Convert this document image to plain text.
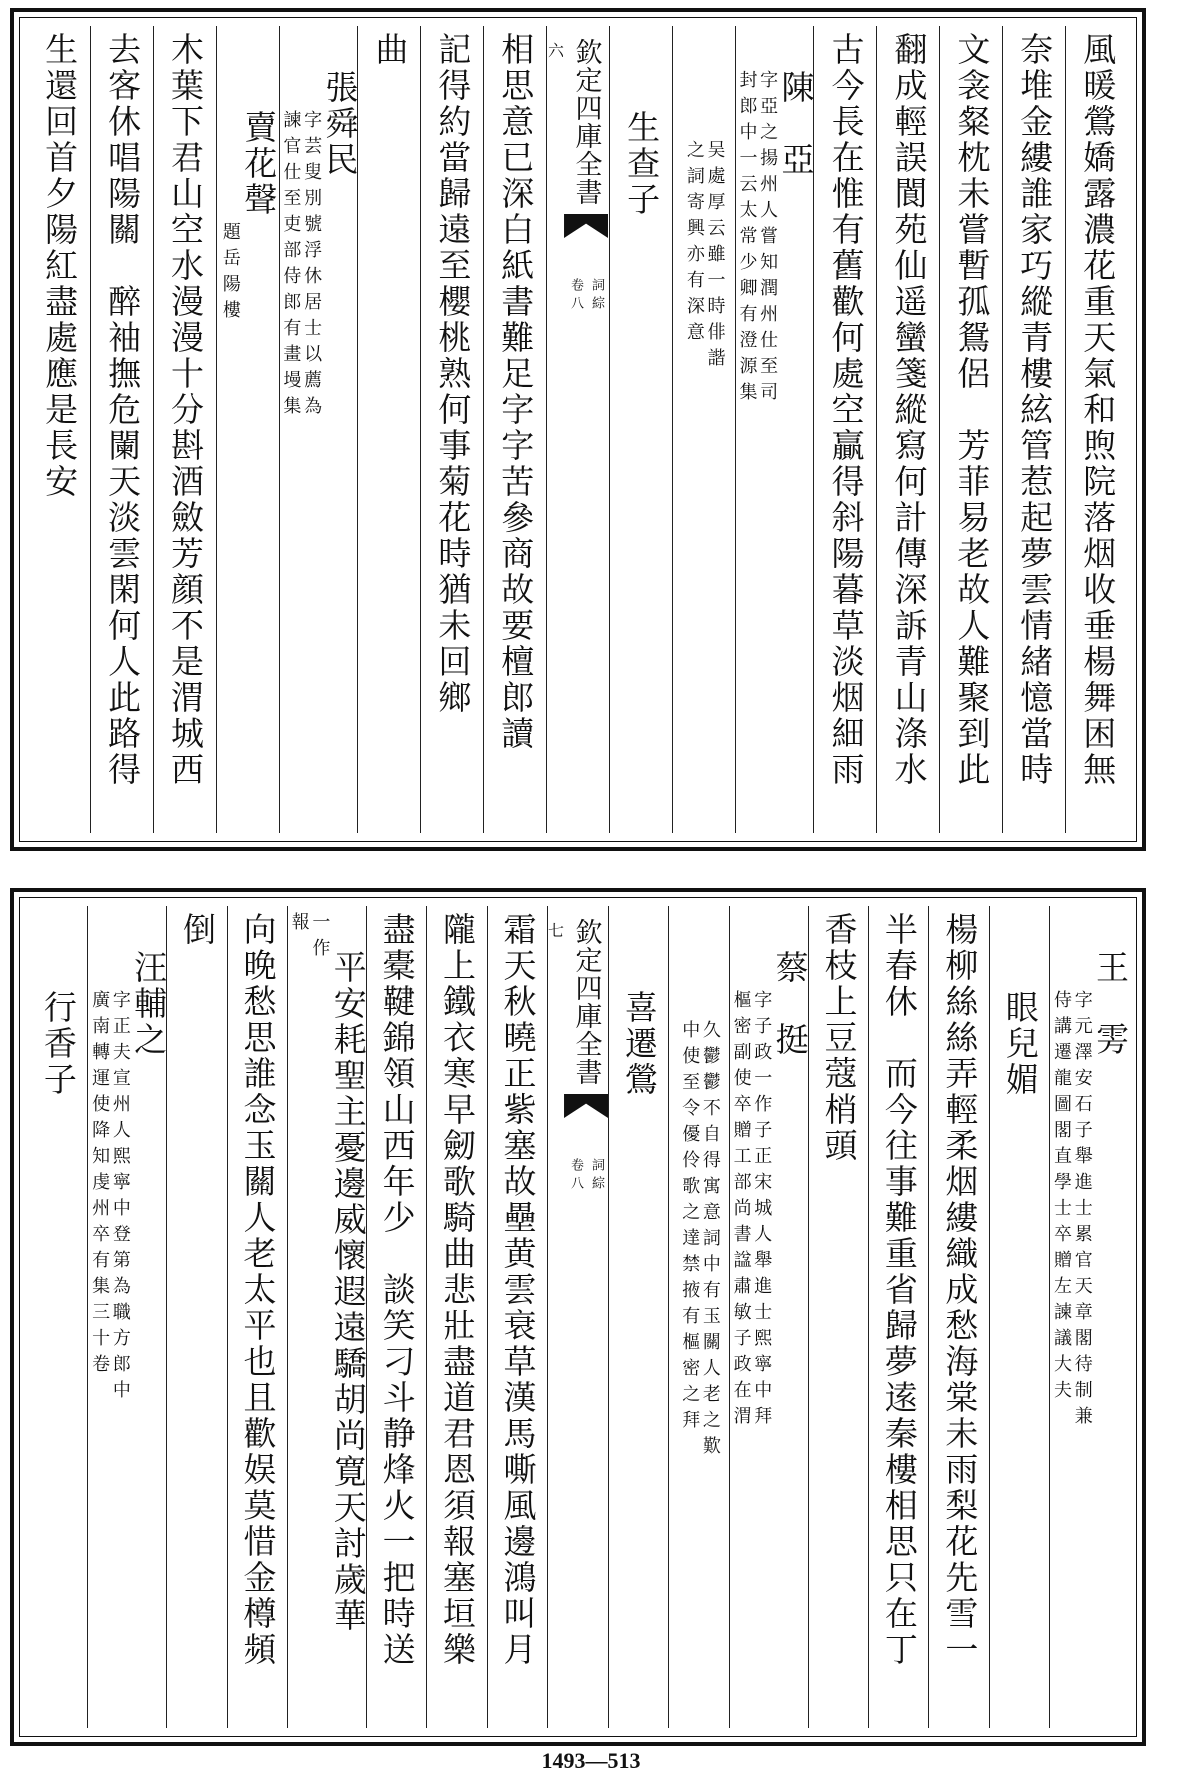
風暖鶯嬌露濃花重天氣和煦院落烟收垂楊舞困無
奈堆金縷誰家巧縱青樓絃管惹起夢雲情緒憶當時
文衾粲枕未嘗暫孤鴛侶　芳菲易老故人難聚到此
翻成輕誤閬苑仙遥蠻箋縱寫何計傳深訴青山涤水
古今長在惟有舊歡何處空贏得斜陽暮草淡烟細雨
陳　亞
字亞之揚州人嘗知潤州仕至司
封郎中一云太常少卿有澄源集
吴處厚云雖一時俳諧
之詞寄興亦有深意
生查子
欽定四庫全書
詞綜
卷八
六
相思意已深白紙書難足字字苦參商故要檀郎讀
記得約當歸遠至櫻桃熟何事菊花時猶未回鄉
曲
張舜民
字芸叟別號浮休居士以薦為
諫官仕至吏部侍郎有畫墁集
賣花聲
題岳陽樓
木葉下君山空水漫漫十分斟酒斂芳顔不是渭城西
去客休唱陽關　醉袖撫危闌天淡雲閑何人此路得
生還回首夕陽紅盡處應是長安
王　雱
字元澤安石子舉進士累官天章閣待制兼
侍講遷龍圖閣直學士卒贈左諫議大夫
眼兒媚
楊柳絲絲弄輕柔烟縷織成愁海棠未雨梨花先雪一
半春休　而今往事難重省歸夢逺秦樓相思只在丁
香枝上豆蔻梢頭
蔡　挺
字子政一作子正宋城人舉進士熙寧中拜
樞密副使卒贈工部尚書諡肅敏子政在渭
久鬱鬱不自得寓意詞中有玉關人老之歎
中使至令優伶歌之達禁掖有樞密之拜
喜遷鶯
欽定四庫全書
詞綜
卷八
七
霜天秋曉正紫塞故壘黄雲衰草漢馬嘶風邊鴻叫月
隴上鐵衣寒早劒歌騎曲悲壯盡道君恩須報塞垣樂
盡橐鞬錦領山西年少　談笑刁斗静烽火一把時送
平安耗聖主憂邊威懷遐遠驕胡尚寛天討歲華
一作
報
向晚愁思誰念玉關人老太平也且歡娱莫惜金樽頻
倒
汪輔之
字正夫宣州人熙寧中登第為職方郎中
廣南轉運使降知虔州卒有集三十卷
行香子
1493—513
